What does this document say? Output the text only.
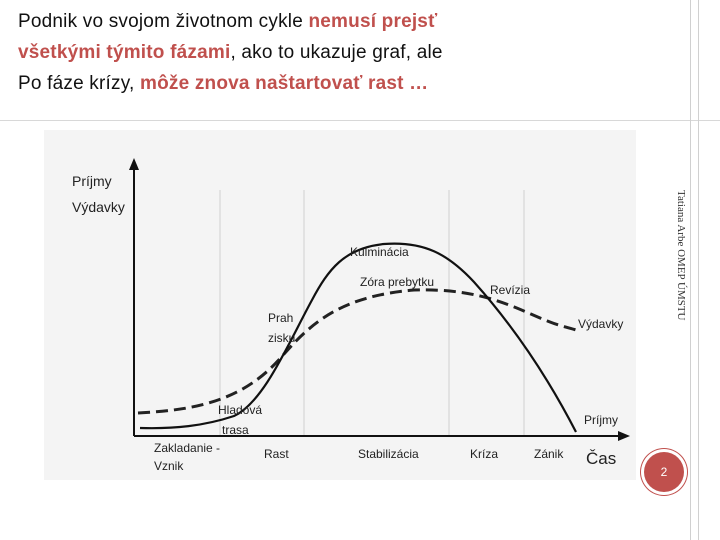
Podnik vo svojom životnom cykle nemusí prejsť
všetkými týmito fázami, ako to ukazuje graf, ale
Po fáze krízy, môže znova naštartovať rast …
Príjmy
Výdavky
Čas
Kulminácia
Zóra prebytku
Revízia
Výdavky
Príjmy
Prah
zisku
Hladová
trasa
Zakladanie -
Vznik
Rast	Stabilizácia	Kríza	Zánik
Tatiana Arbe OMEP ÚMSTU
2
